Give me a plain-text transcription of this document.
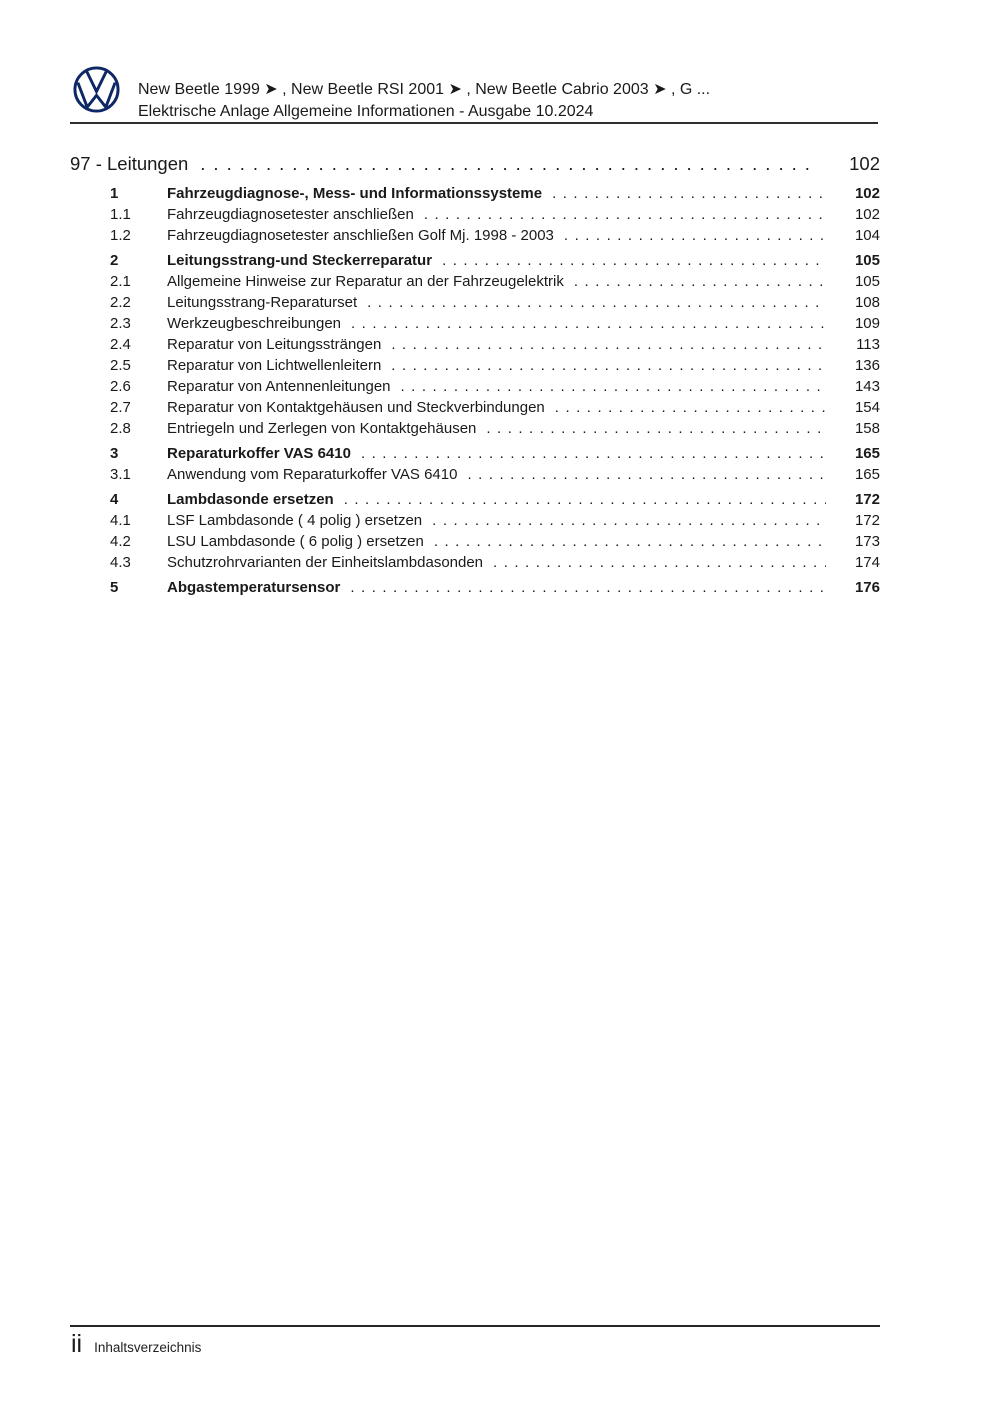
New Beetle 1999 ➤ , New Beetle RSI 2001 ➤ , New Beetle Cabrio 2003 ➤ , G ...
Elektrische Anlage Allgemeine Informationen - Ausgabe 10.2024
97 - Leitungen .....	102
1	Fahrzeugdiagnose-, Mess- und Informationssysteme .....	102
1.1	Fahrzeugdiagnosetester anschließen .....	102
1.2	Fahrzeugdiagnosetester anschließen Golf Mj. 1998 - 2003 .....	104
2	Leitungsstrang-und Steckerreparatur .....	105
2.1	Allgemeine Hinweise zur Reparatur an der Fahrzeugelektrik .....	105
2.2	Leitungsstrang-Reparaturset .....	108
2.3	Werkzeugbeschreibungen .....	109
2.4	Reparatur von Leitungssträngen .....	113
2.5	Reparatur von Lichtwellenleitern .....	136
2.6	Reparatur von Antennenleitungen .....	143
2.7	Reparatur von Kontaktgehäusen und Steckverbindungen .....	154
2.8	Entriegeln und Zerlegen von Kontaktgehäusen .....	158
3	Reparaturkoffer VAS 6410 .....	165
3.1	Anwendung vom Reparaturkoffer VAS 6410 .....	165
4	Lambdasonde ersetzen .....	172
4.1	LSF Lambdasonde ( 4 polig ) ersetzen .....	172
4.2	LSU Lambdasonde ( 6 polig ) ersetzen .....	173
4.3	Schutzrohrvarianten der Einheitslambdasonden .....	174
5	Abgastemperatursensor .....	176
ii Inhaltsverzeichnis
